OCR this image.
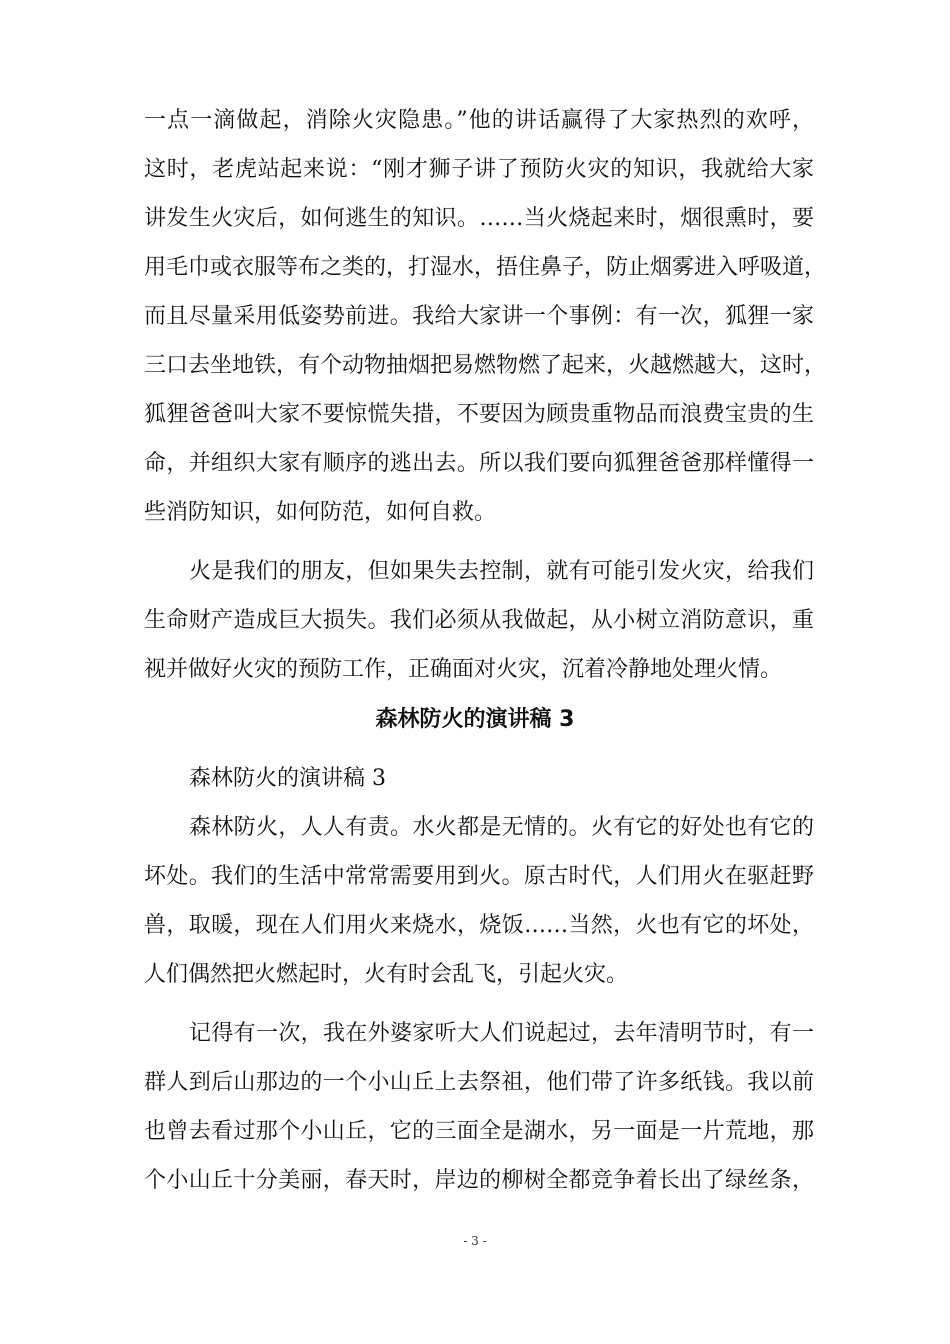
一点一滴做起，消除火灾隐患。”他的讲话赢得了大家热烈的欢呼，
这时，老虎站起来说：“刚才狮子讲了预防火灾的知识，我就给大家
讲发生火灾后，如何逃生的知识。……当火烧起来时，烟很熏时，要
用毛巾或衣服等布之类的，打湿水，捂住鼻子，防止烟雾进入呼吸道，
而且尽量采用低姿势前进。我给大家讲一个事例：有一次，狐狸一家
三口去坐地铁，有个动物抽烟把易燃物燃了起来，火越燃越大，这时，
狐狸爸爸叫大家不要惊慌失措，不要因为顾贵重物品而浪费宝贵的生
命，并组织大家有顺序的逃出去。所以我们要向狐狸爸爸那样懂得一
些消防知识，如何防范，如何自救。
火是我们的朋友，但如果失去控制，就有可能引发火灾，给我们
生命财产造成巨大损失。我们必须从我做起，从小树立消防意识，重
视并做好火灾的预防工作，正确面对火灾，沉着冷静地处理火情。
森林防火的演讲稿 3
森林防火的演讲稿 3
森林防火，人人有责。水火都是无情的。火有它的好处也有它的
坏处。我们的生活中常常需要用到火。原古时代，人们用火在驱赶野
兽，取暖，现在人们用火来烧水，烧饭……当然，火也有它的坏处，
人们偶然把火燃起时，火有时会乱飞，引起火灾。
记得有一次，我在外婆家听大人们说起过，去年清明节时，有一
群人到后山那边的一个小山丘上去祭祖，他们带了许多纸钱。我以前
也曾去看过那个小山丘，它的三面全是湖水，另一面是一片荒地，那
个小山丘十分美丽，春天时，岸边的柳树全都竞争着长出了绿丝条，
- 3 -
